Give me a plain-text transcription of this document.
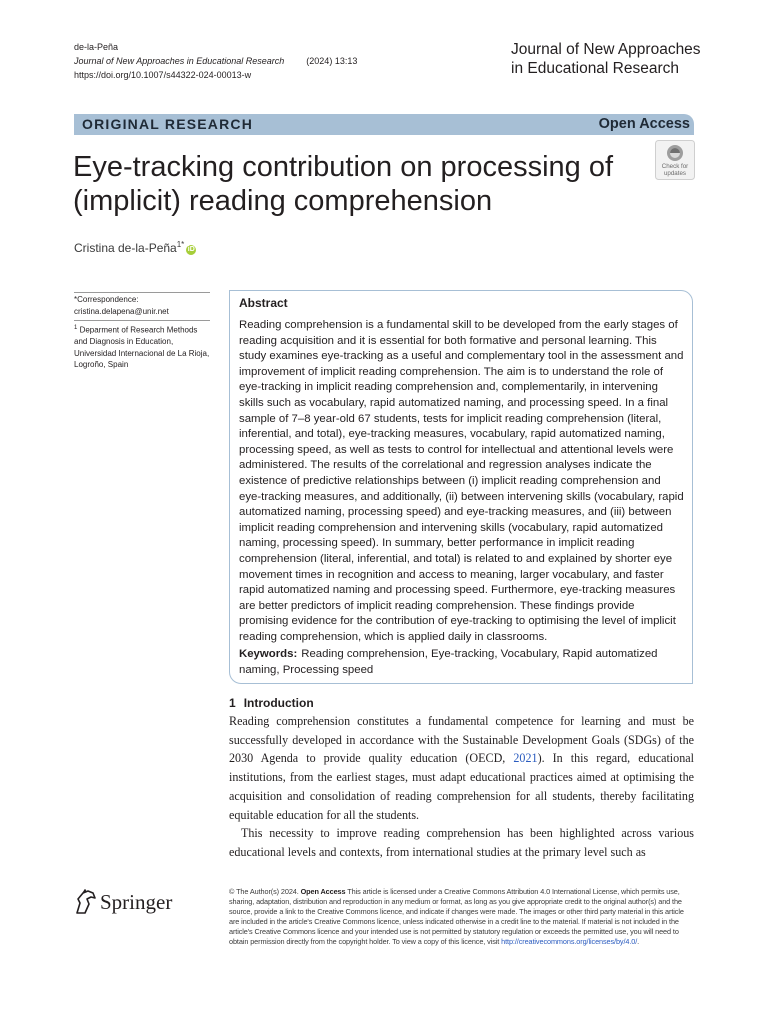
de-la-Peña
Journal of New Approaches in Educational Research (2024) 13:13
https://doi.org/10.1007/s44322-024-00013-w
Journal of New Approaches
in Educational Research
ORIGINAL RESEARCH	Open Access
Eye-tracking contribution on processing of (implicit) reading comprehension
Check for
updates
Cristina de-la-Peña$^{1*}$iD
*Correspondence:
cristina.delapena@unir.net
$^1$ Deparment of Research Methods and Diagnosis in Education, Universidad Internacional de La Rioja, Logroño, Spain
Abstract
Reading comprehension is a fundamental skill to be developed from the early stages of reading acquisition and it is essential for both formative and personal learning. This study examines eye-tracking as a useful and complementary tool in the assessment and improvement of implicit reading comprehension. The aim is to understand the role of eye-tracking in implicit reading comprehension and, complementarily, in intervening skills such as vocabulary, rapid automatized naming, and processing speed. In a final sample of 7–8 year-old 67 students, tests for implicit reading comprehension (literal, inferential, and total), eye-tracking measures, vocabulary, rapid automatized naming, processing speed, as well as tests to control for intellectual and attentional levels were administered. The results of the correlational and regression analyses indicate the existence of predictive relationships between (i) implicit reading comprehension and eye-tracking measures, and additionally, (ii) between intervening skills (vocabulary, rapid automatized naming, processing speed) and eye-tracking measures, and (iii) between implicit reading comprehension and intervening skills (vocabulary, rapid automatized naming, processing speed). In summary, better performance in implicit reading comprehension (literal, inferential, and total) is related to and explained by shorter eye movement times in recognition and access to meaning, larger vocabulary, and faster rapid automatized naming and processing speed. Furthermore, eye-tracking measures are better predictors of implicit reading comprehension. These findings provide promising evidence for the contribution of eye-tracking to optimising the level of implicit reading comprehension, which is applied daily in classrooms.
Keywords: Reading comprehension, Eye-tracking, Vocabulary, Rapid automatized naming, Processing speed
1 Introduction

Reading comprehension constitutes a fundamental competence for learning and must be successfully developed in accordance with the Sustainable Development Goals (SDGs) of the 2030 Agenda to provide quality education (OECD, 2021). In this regard, educational institutions, from the earliest stages, must adapt educational practices aimed at optimising the acquisition and consolidation of reading comprehension for all students, thereby facilitating equitable education for all the students.

This necessity to improve reading comprehension has been highlighted across various educational levels and contexts, from international studies at the primary level such as

Springer	© The Author(s) 2024. Open Access This article is licensed under a Creative Commons Attribution 4.0 International License, which permits use, sharing, adaptation, distribution and reproduction in any medium or format, as long as you give appropriate credit to the original author(s) and the source, provide a link to the Creative Commons licence, and indicate if changes were made. The images or other third party material in this article are included in the article's Creative Commons licence, unless indicated otherwise in a credit line to the material. If material is not included in the article's Creative Commons licence and your intended use is not permitted by statutory regulation or exceeds the permitted use, you will need to obtain permission directly from the copyright holder. To view a copy of this licence, visit http://creativecommons.org/licenses/by/4.0/.
